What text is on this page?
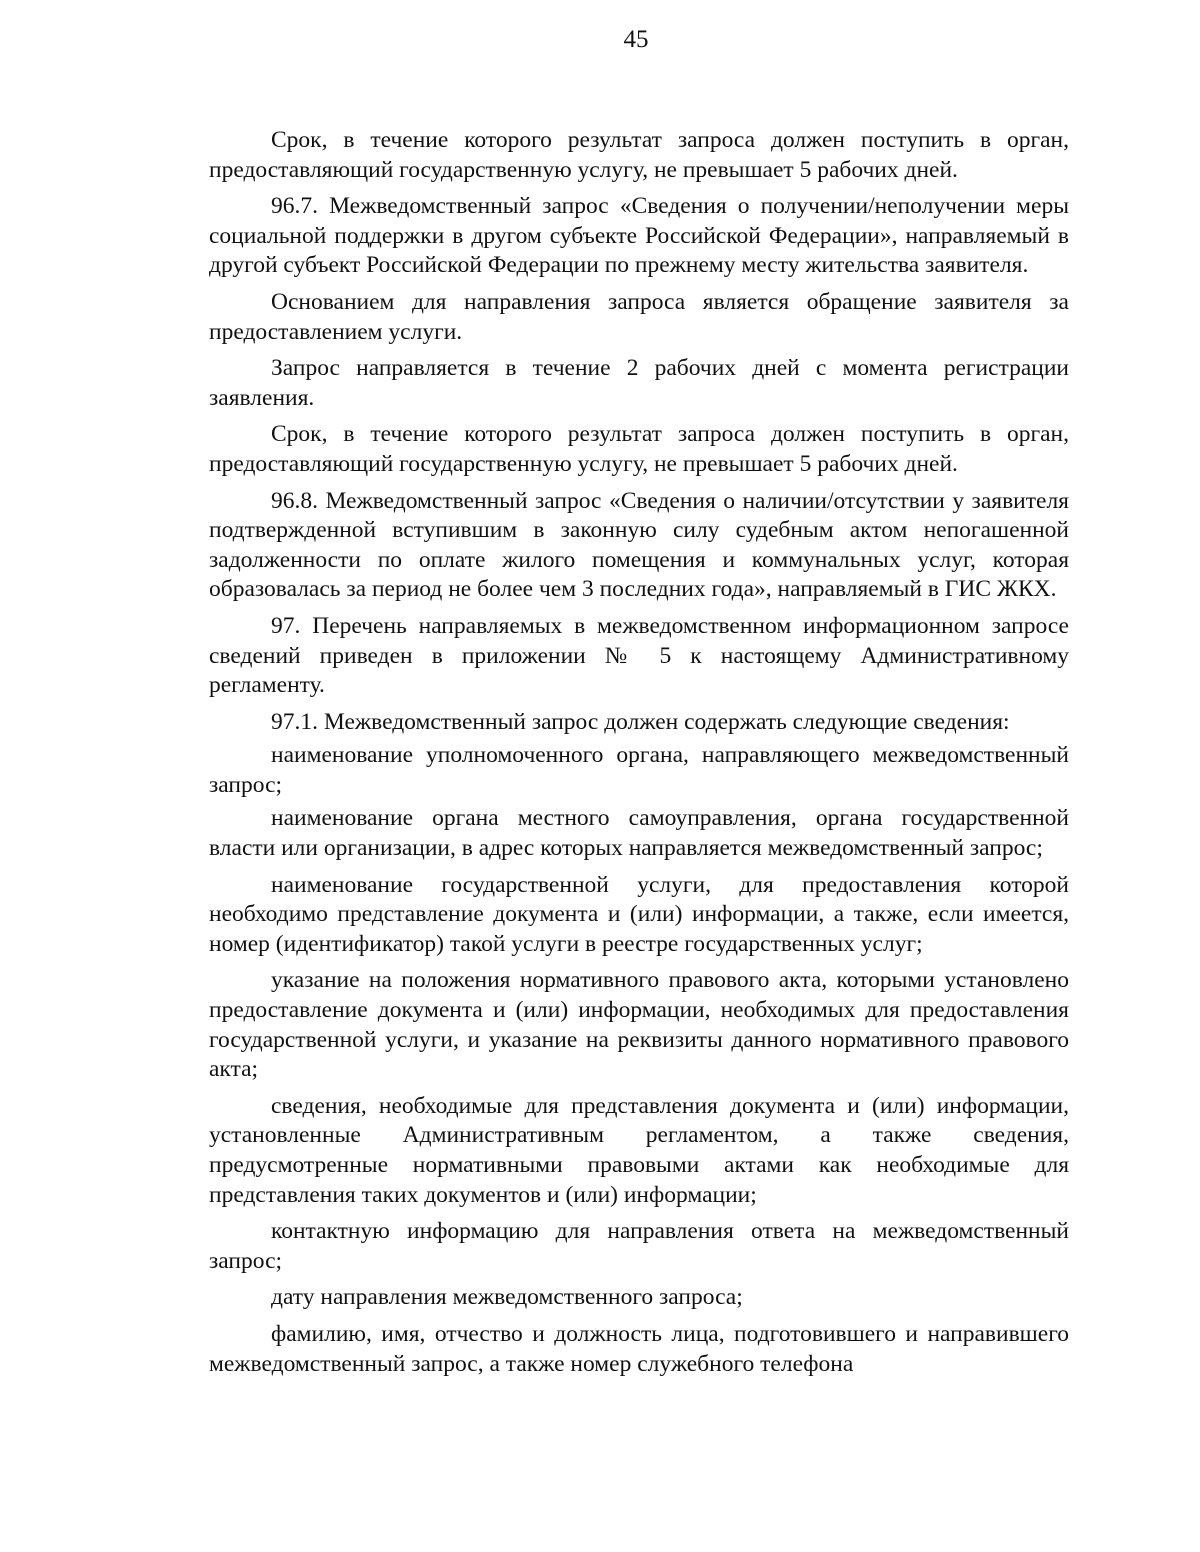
45

Срок, в течение которого результат запроса должен поступить в орган, предоставляющий государственную услугу, не превышает 5 рабочих дней.

96.7. Межведомственный запрос «Сведения о получении/неполучении меры социальной поддержки в другом субъекте Российской Федерации», направляемый в другой субъект Российской Федерации по прежнему месту жительства заявителя.

Основанием для направления запроса является обращение заявителя за предоставлением услуги.

Запрос направляется в течение 2 рабочих дней с момента регистрации заявления.

Срок, в течение которого результат запроса должен поступить в орган, предоставляющий государственную услугу, не превышает 5 рабочих дней.

96.8. Межведомственный запрос «Сведения о наличии/отсутствии у заявителя подтвержденной вступившим в законную силу судебным актом непогашенной задолженности по оплате жилого помещения и коммунальных услуг, которая образовалась за период не более чем 3 последних года», направляемый в ГИС ЖКХ.

97. Перечень направляемых в межведомственном информационном запросе сведений приведен в приложении № 5 к настоящему Административному регламенту.

97.1. Межведомственный запрос должен содержать следующие сведения:

наименование уполномоченного органа, направляющего межведомственный запрос;

наименование органа местного самоуправления, органа государственной власти или организации, в адрес которых направляется межведомственный запрос;

наименование государственной услуги, для предоставления которой необходимо представление документа и (или) информации, а также, если имеется, номер (идентификатор) такой услуги в реестре государственных услуг;

указание на положения нормативного правового акта, которыми установлено предоставление документа и (или) информации, необходимых для предоставления государственной услуги, и указание на реквизиты данного нормативного правового акта;

сведения, необходимые для представления документа и (или) информации, установленные Административным регламентом, а также сведения, предусмотренные нормативными правовыми актами как необходимые для представления таких документов и (или) информации;

контактную информацию для направления ответа на межведомственный запрос;

дату направления межведомственного запроса;

фамилию, имя, отчество и должность лица, подготовившего и направившего межведомственный запрос, а также номер служебного телефона
